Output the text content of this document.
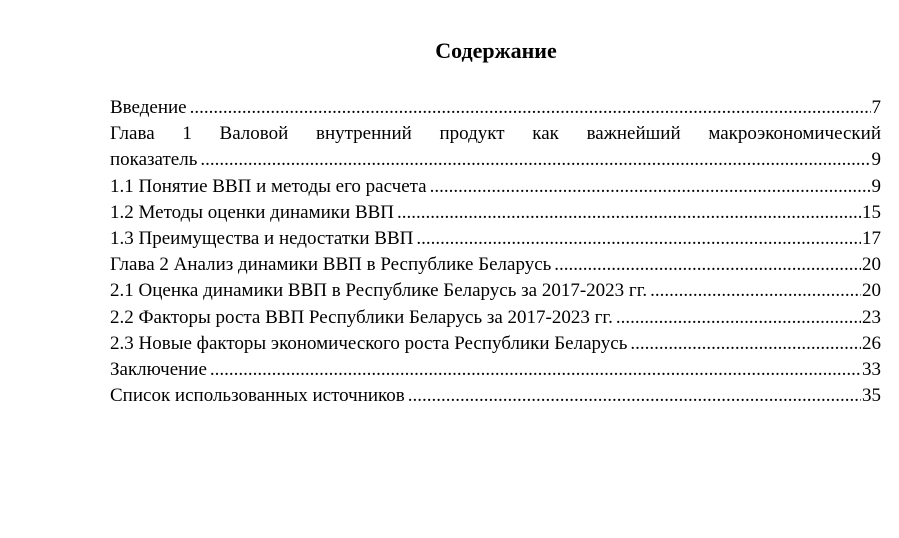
Содержание
Введение .....	7
Глава 1 Валовой внутренний продукт как важнейший макроэкономический
показатель .....	9
1.1 Понятие ВВП и методы его расчета .....	9
1.2 Методы оценки динамики ВВП .....	15
1.3 Преимущества и недостатки ВВП .....	17
Глава 2 Анализ динамики ВВП в Республике Беларусь .....	20
2.1 Оценка динамики ВВП в Республике Беларусь за 2017-2023 гг. .....	20
2.2 Факторы роста ВВП Республики Беларусь за 2017-2023 гг. .....	23
2.3 Новые факторы экономического роста Республики Беларусь .....	26
Заключение .....	33
Список использованных источников .....	35
